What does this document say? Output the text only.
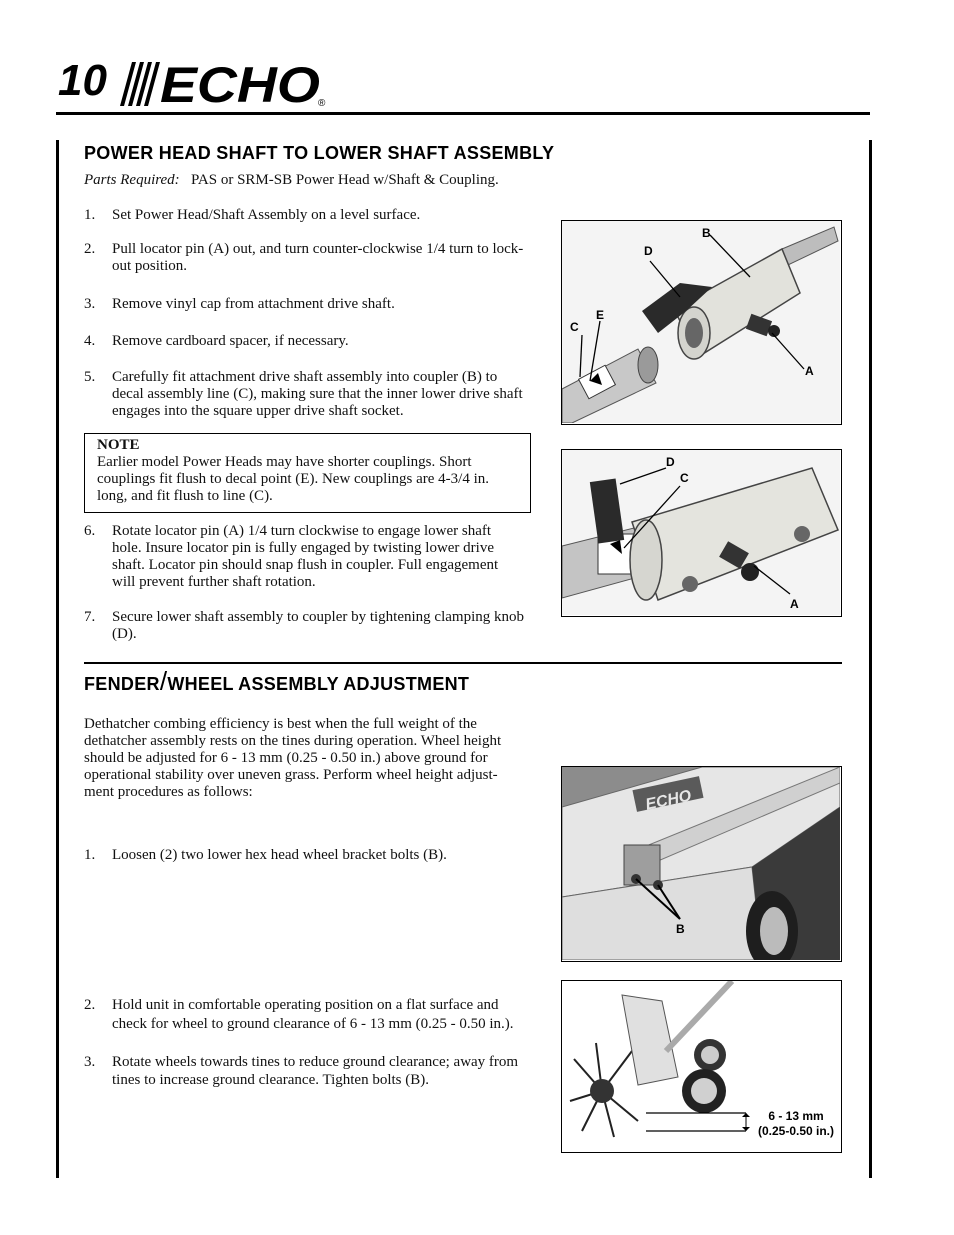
10 ECHO
®
POWER HEAD SHAFT TO LOWER SHAFT ASSEMBLY
Parts Required: PAS or SRM-SB Power Head w/Shaft & Coupling.
1. Set Power Head/Shaft Assembly on a level surface.
2. Pull locator pin (A) out, and turn counter-clockwise 1/4 turn to lock-out position.
3. Remove vinyl cap from attachment drive shaft.
4. Remove cardboard spacer, if necessary.
5. Carefully fit attachment drive shaft assembly into coupler (B) to decal assembly line (C), making sure that the inner lower drive shaft engages into the square upper drive shaft socket.
NOTE
Earlier model Power Heads may have shorter couplings. Short couplings fit flush to decal point (E). New couplings are 4-3/4 in. long, and fit flush to line (C).
6. Rotate locator pin (A) 1/4 turn clockwise to engage lower shaft hole. Insure locator pin is fully engaged by twisting lower drive shaft. Locator pin should snap flush in coupler. Full engagement will prevent further shaft rotation.
7. Secure lower shaft assembly to coupler by tightening clamping knob (D).
B
D
E
C
A
D
C
A
FENDER/WHEEL ASSEMBLY ADJUSTMENT
Dethatcher combing efficiency is best when the full weight of the dethatcher assembly rests on the tines during operation. Wheel height should be adjusted for 6 - 13 mm (0.25 - 0.50 in.) above ground for operational stability over uneven grass. Perform wheel height adjust- ment procedures as follows:
1. Loosen (2) two lower hex head wheel bracket bolts (B).
2. Hold unit in comfortable operating position on a flat surface and check for wheel to ground clearance of 6 - 13 mm (0.25 - 0.50 in.).
3. Rotate wheels towards tines to reduce ground clearance; away from tines to increase ground clearance. Tighten bolts (B).
ECHO
B
6 - 13 mm
(0.25-0.50 in.)
